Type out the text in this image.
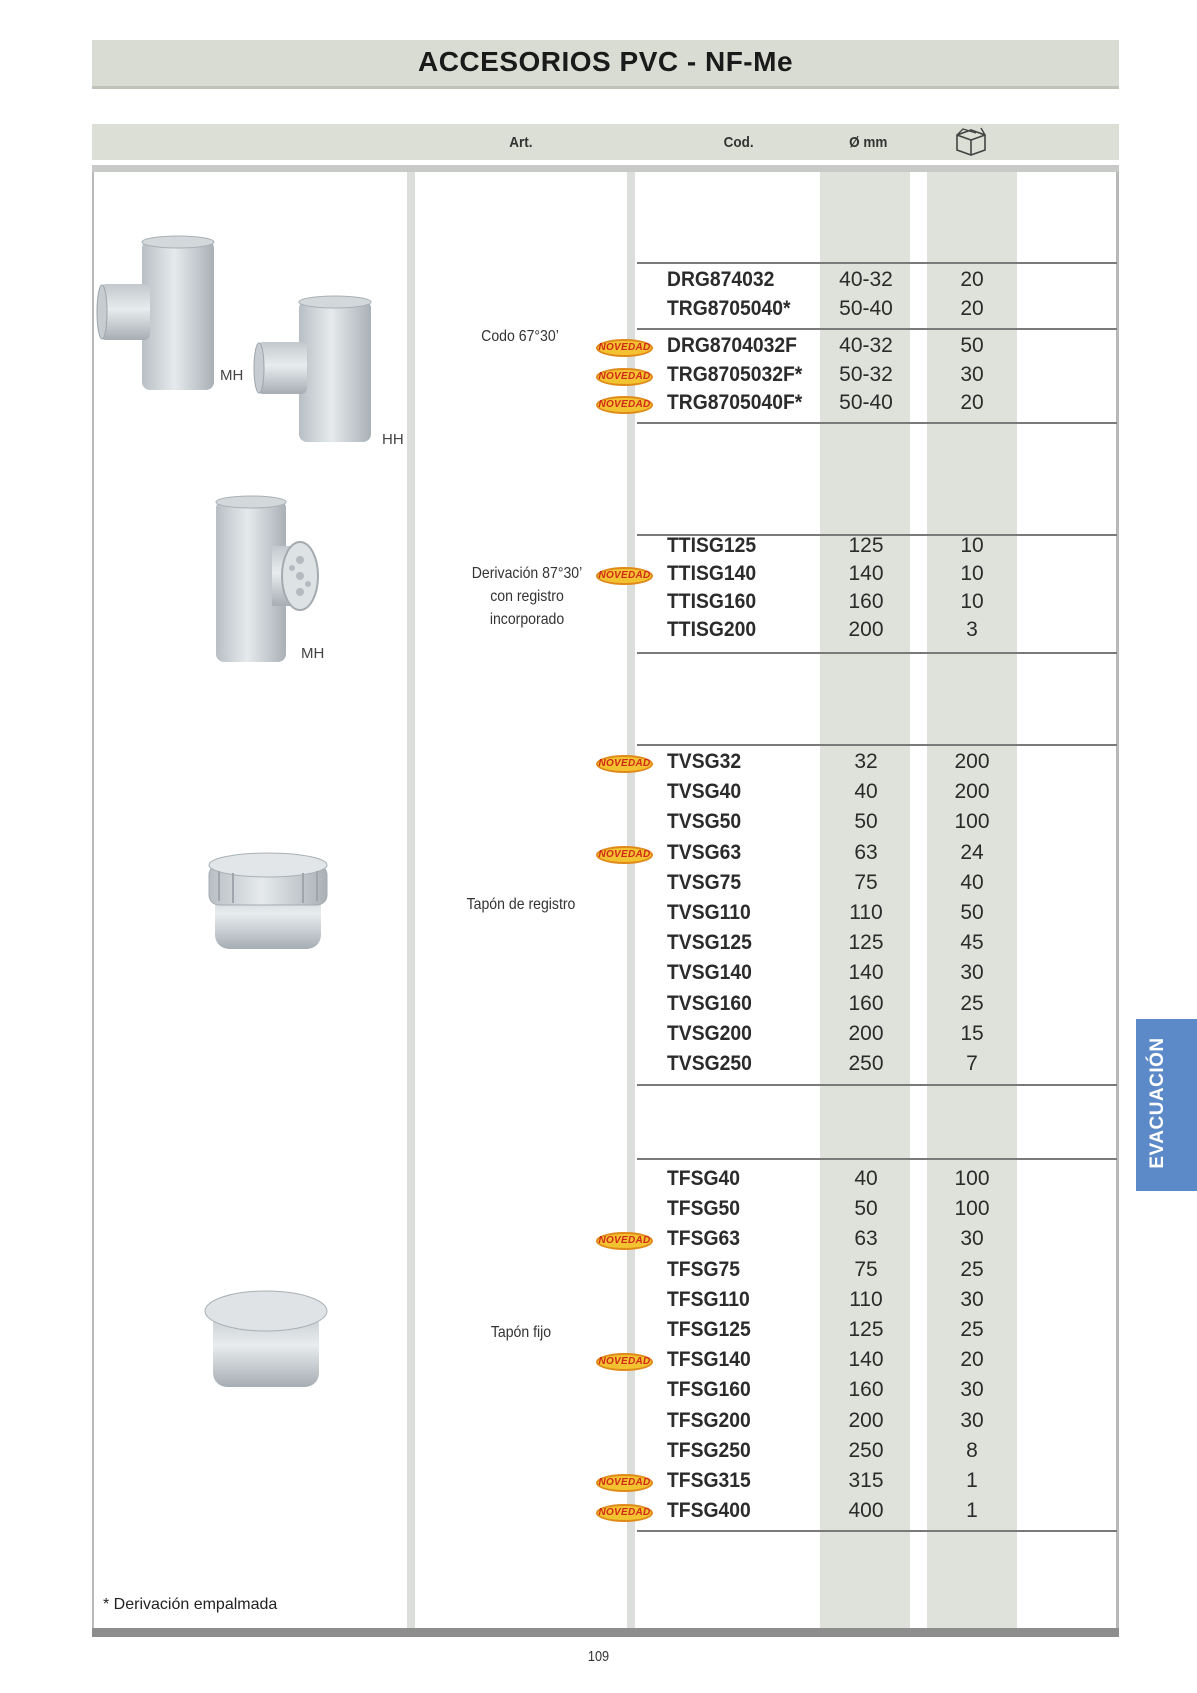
ACCESORIOS PVC - NF-Me
Art.	Cod.	Ø mm
MH
HH
MH
Codo 67°30’
Derivación 87°30’
con registro
incorporado
Tapón de registro
Tapón fijo
DRG874032	40-32	20
TRG8705040*	50-40	20
DRG8704032F	40-32	50
NOVEDAD
TRG8705032F*	50-32	30
NOVEDAD
TRG8705040F*	50-40	20
NOVEDAD
TTISG125	125	10
TTISG140	140	10
NOVEDAD
TTISG160	160	10
TTISG200	200	3
TVSG32	32	200
NOVEDAD
TVSG40	40	200
TVSG50	50	100
TVSG63	63	24
NOVEDAD
TVSG75	75	40
TVSG110	110	50
TVSG125	125	45
TVSG140	140	30
TVSG160	160	25
TVSG200	200	15
TVSG250	250	7
TFSG40	40	100
TFSG50	50	100
TFSG63	63	30
NOVEDAD
TFSG75	75	25
TFSG110	110	30
TFSG125	125	25
TFSG140	140	20
NOVEDAD
TFSG160	160	30
TFSG200	200	30
TFSG250	250	8
TFSG315	315	1
NOVEDAD
TFSG400	400	1
NOVEDAD
* Derivación empalmada
109
EVACUACIÓN
